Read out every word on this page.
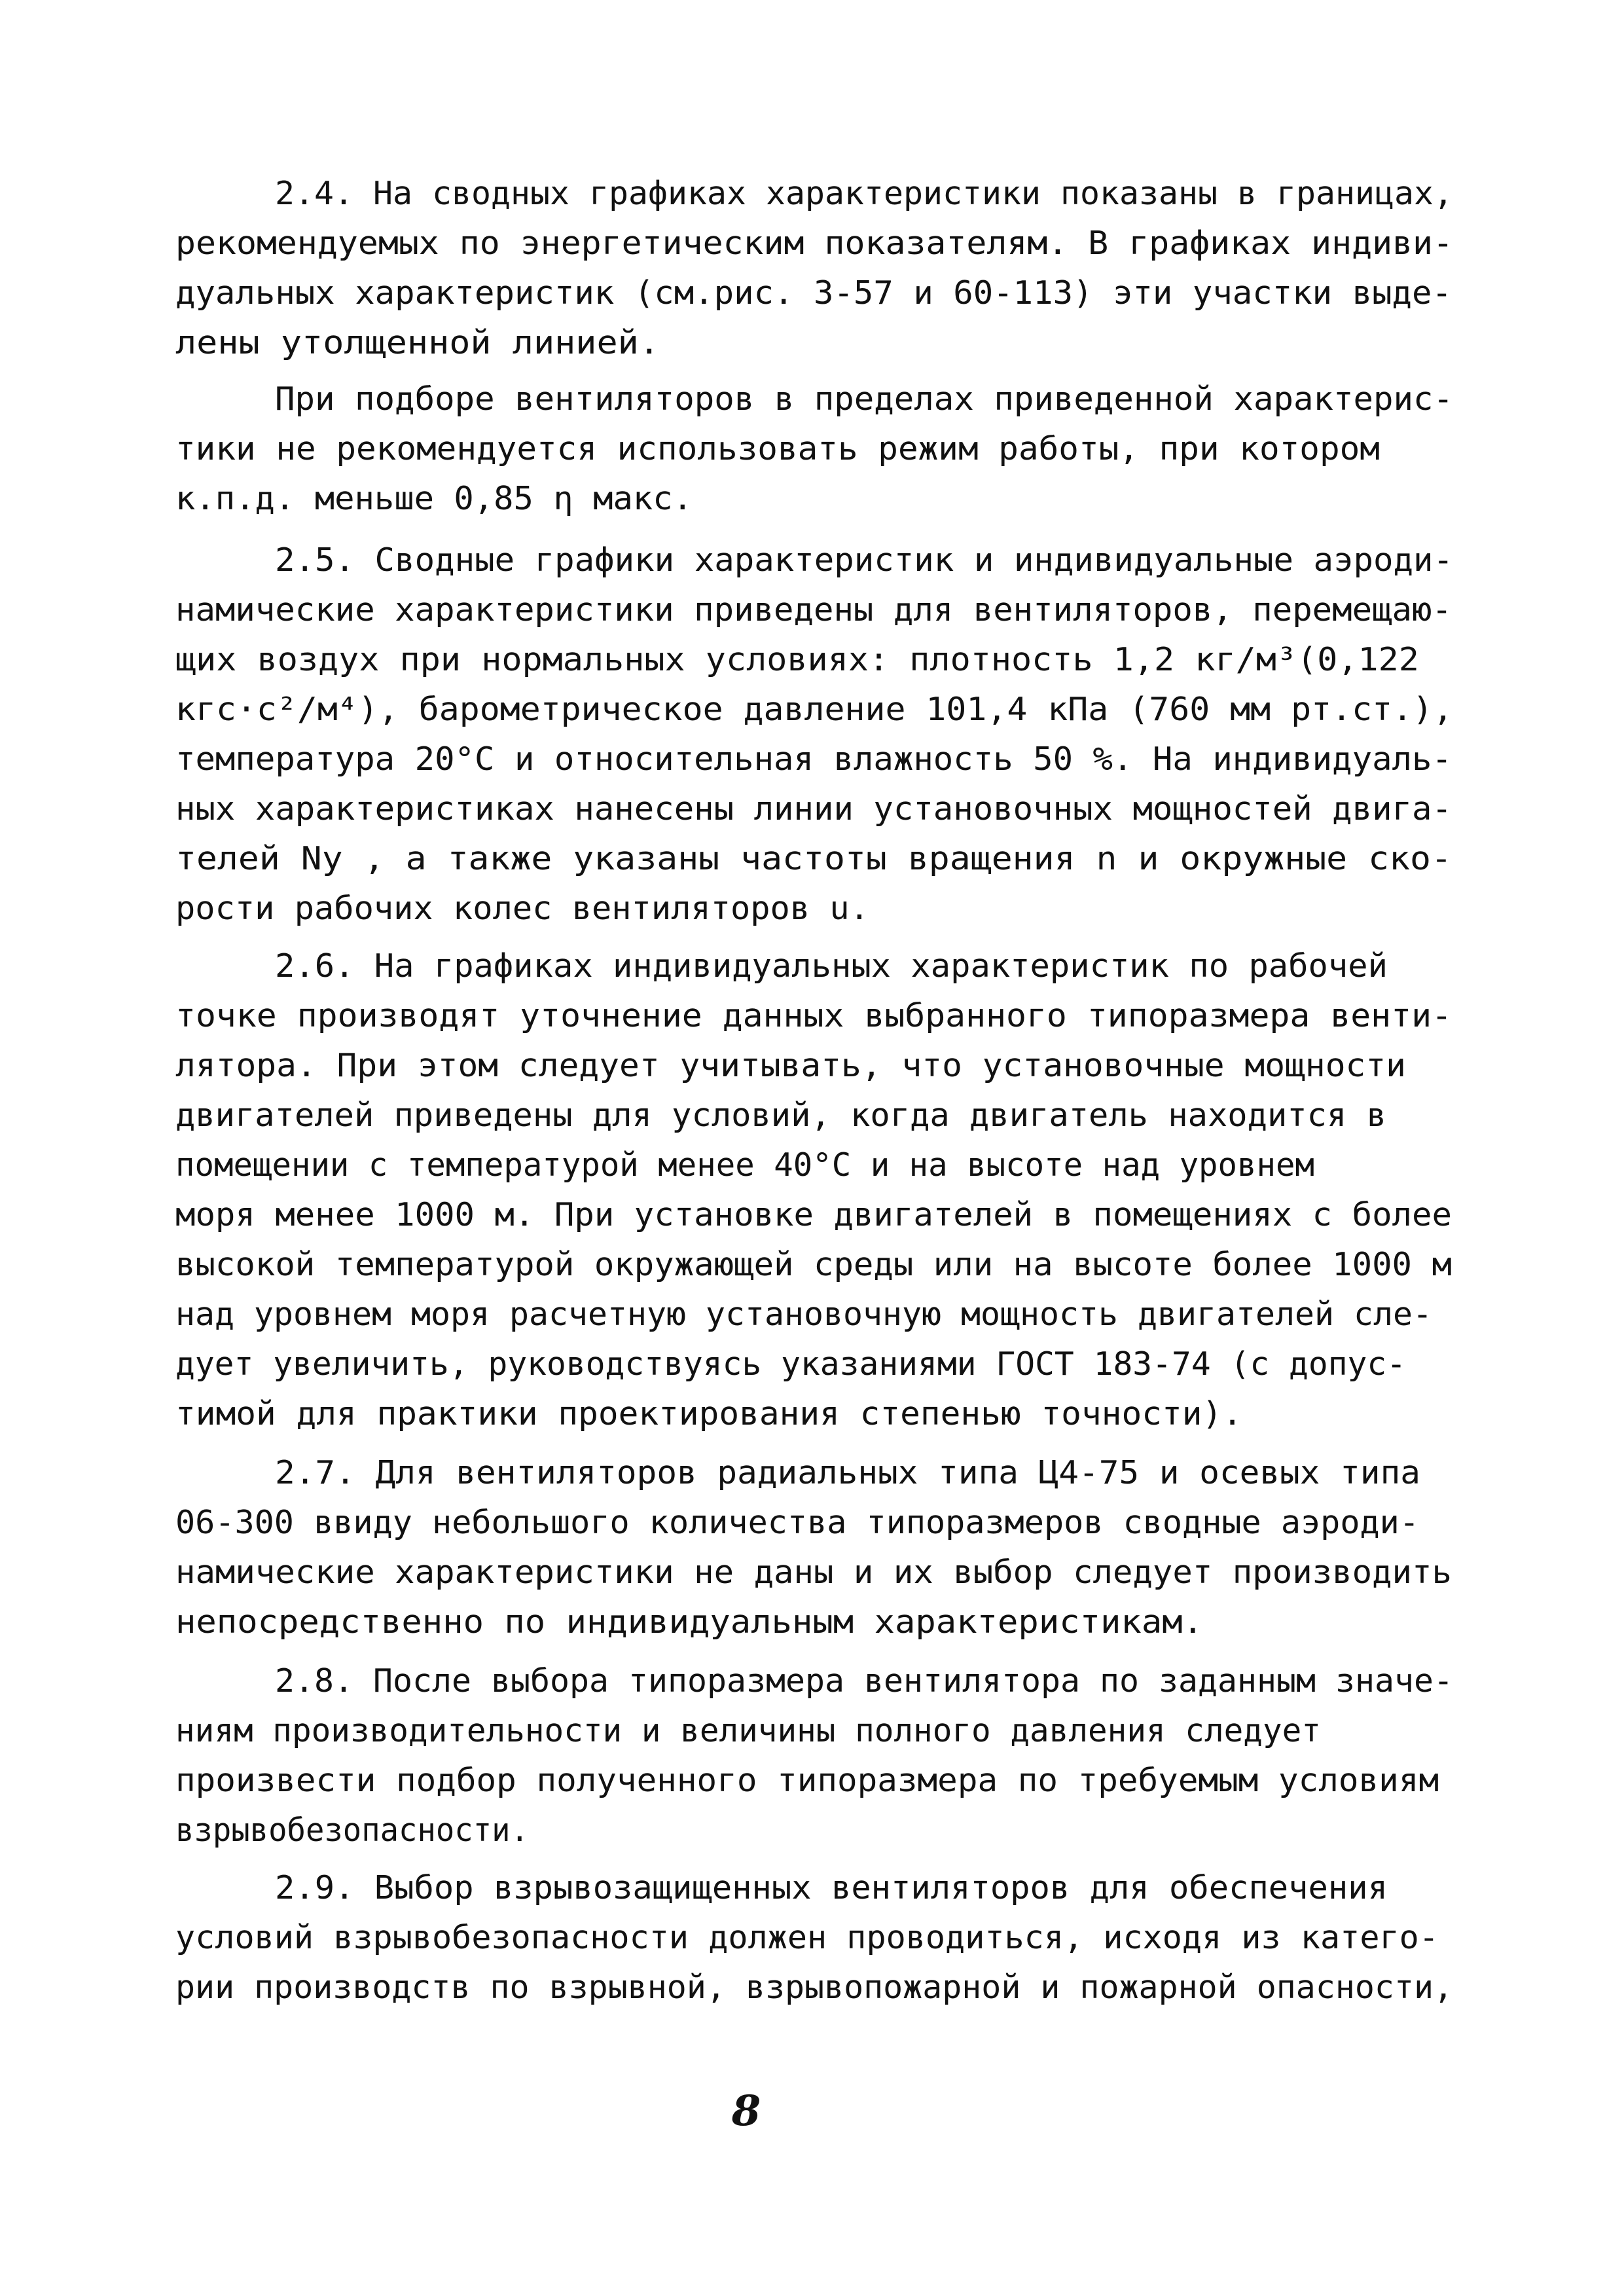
2.4. На сводных графиках характеристики показаны в границах,
рекомендуемых по энергетическим показателям. В графиках индиви-
дуальных характеристик (см.рис. 3-57 и 60-113) эти участки выде-
лены утолщенной линией.
При подборе вентиляторов в пределах приведенной характерис-
тики не рекомендуется использовать режим работы, при котором
к.п.д. меньше 0,85 η макс.
2.5. Сводные графики характеристик и индивидуальные аэроди-
намические характеристики приведены для вентиляторов, перемещаю-
щих воздух при нормальных условиях: плотность 1,2 кг/м³(0,122
кгс·с²/м⁴), барометрическое давление 101,4 кПа (760 мм рт.ст.),
температура 20°С и относительная влажность 50 %. На индивидуаль-
ных характеристиках нанесены линии установочных мощностей двига-
телей Nу , а также указаны частоты вращения n и окружные ско-
рости рабочих колес вентиляторов u.
2.6. На графиках индивидуальных характеристик по рабочей
точке производят уточнение данных выбранного типоразмера венти-
лятора. При этом следует учитывать, что установочные мощности
двигателей приведены для условий, когда двигатель находится в
помещении с температурой менее 40°С и на высоте над уровнем
моря менее 1000 м. При установке двигателей в помещениях с более
высокой температурой окружающей среды или на высоте более 1000 м
над уровнем моря расчетную установочную мощность двигателей сле-
дует увеличить, руководствуясь указаниями ГОСТ 183-74 (с допус-
тимой для практики проектирования степенью точности).
2.7. Для вентиляторов радиальных типа Ц4-75 и осевых типа
06-300 ввиду небольшого количества типоразмеров сводные аэроди-
намические характеристики не даны и их выбор следует производить
непосредственно по индивидуальным характеристикам.
2.8. После выбора типоразмера вентилятора по заданным значе-
ниям производительности и величины полного давления следует
произвести подбор полученного типоразмера по требуемым условиям
взрывобезопасности.
2.9. Выбор взрывозащищенных вентиляторов для обеспечения
условий взрывобезопасности должен проводиться, исходя из катего-
рии производств по взрывной, взрывопожарной и пожарной опасности,
8
